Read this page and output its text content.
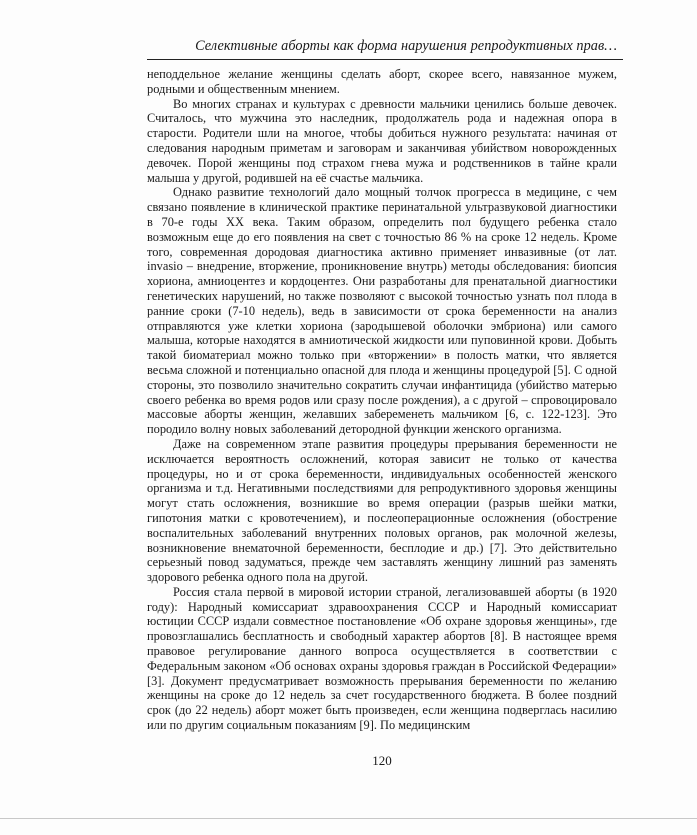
Селективные аборты как форма нарушения репродуктивных прав…

неподдельное желание женщины сделать аборт, скорее всего, навязанное мужем, родными и общественным мнением.

Во многих странах и культурах с древности мальчики ценились больше девочек. Считалось, что мужчина это наследник, продолжатель рода и надежная опора в старости. Родители шли на многое, чтобы добиться нужного результата: начиная от следования народным приметам и заговорам и заканчивая убийством новорожденных девочек. Порой женщины под страхом гнева мужа и родственников в тайне крали малыша у другой, родившей на её счастье мальчика.

Однако развитие технологий дало мощный толчок прогресса в медицине, с чем связано появление в клинической практике перинатальной ультразвуковой диагностики в 70-е годы XX века. Таким образом, определить пол будущего ребенка стало возможным еще до его появления на свет с точностью 86 % на сроке 12 недель. Кроме того, современная дородовая диагностика активно применяет инвазивные (от лат. invasio – внедрение, вторжение, проникновение внутрь) методы обследования: биопсия хориона, амниоцентез и кордоцентез. Они разработаны для пренатальной диагностики генетических нарушений, но также позволяют с высокой точностью узнать пол плода в ранние сроки (7-10 недель), ведь в зависимости от срока беременности на анализ отправляются уже клетки хориона (зародышевой оболочки эмбриона) или самого малыша, которые находятся в амниотической жидкости или пуповинной крови. Добыть такой биоматериал можно только при «вторжении» в полость матки, что является весьма сложной и потенциально опасной для плода и женщины процедурой [5]. С одной стороны, это позволило значительно сократить случаи инфантицида (убийство матерью своего ребенка во время родов или сразу после рождения), а с другой – спровоцировало массовые аборты женщин, желавших забеременеть мальчиком [6, с. 122-123]. Это породило волну новых заболеваний детородной функции женского организма.

Даже на современном этапе развития процедуры прерывания беременности не исключается вероятность осложнений, которая зависит не только от качества процедуры, но и от срока беременности, индивидуальных особенностей женского организма и т.д. Негативными последствиями для репродуктивного здоровья женщины могут стать осложнения, возникшие во время операции (разрыв шейки матки, гипотония матки с кровотечением), и послеоперационные осложнения (обострение воспалительных заболеваний внутренних половых органов, рак молочной железы, возникновение внематочной беременности, бесплодие и др.) [7]. Это действительно серьезный повод задуматься, прежде чем заставлять женщину лишний раз заменять здорового ребенка одного пола на другой.

Россия стала первой в мировой истории страной, легализовавшей аборты (в 1920 году): Народный комиссариат здравоохранения СССР и Народный комиссариат юстиции СССР издали совместное постановление «Об охране здоровья женщины», где провозглашались бесплатность и свободный характер абортов [8]. В настоящее время правовое регулирование данного вопроса осуществляется в соответствии с Федеральным законом «Об основах охраны здоровья граждан в Российской Федерации» [3]. Документ предусматривает возможность прерывания беременности по желанию женщины на сроке до 12 недель за счет государственного бюджета. В более поздний срок (до 22 недель) аборт может быть произведен, если женщина подверглась насилию или по другим социальным показаниям [9]. По медицинским

120
